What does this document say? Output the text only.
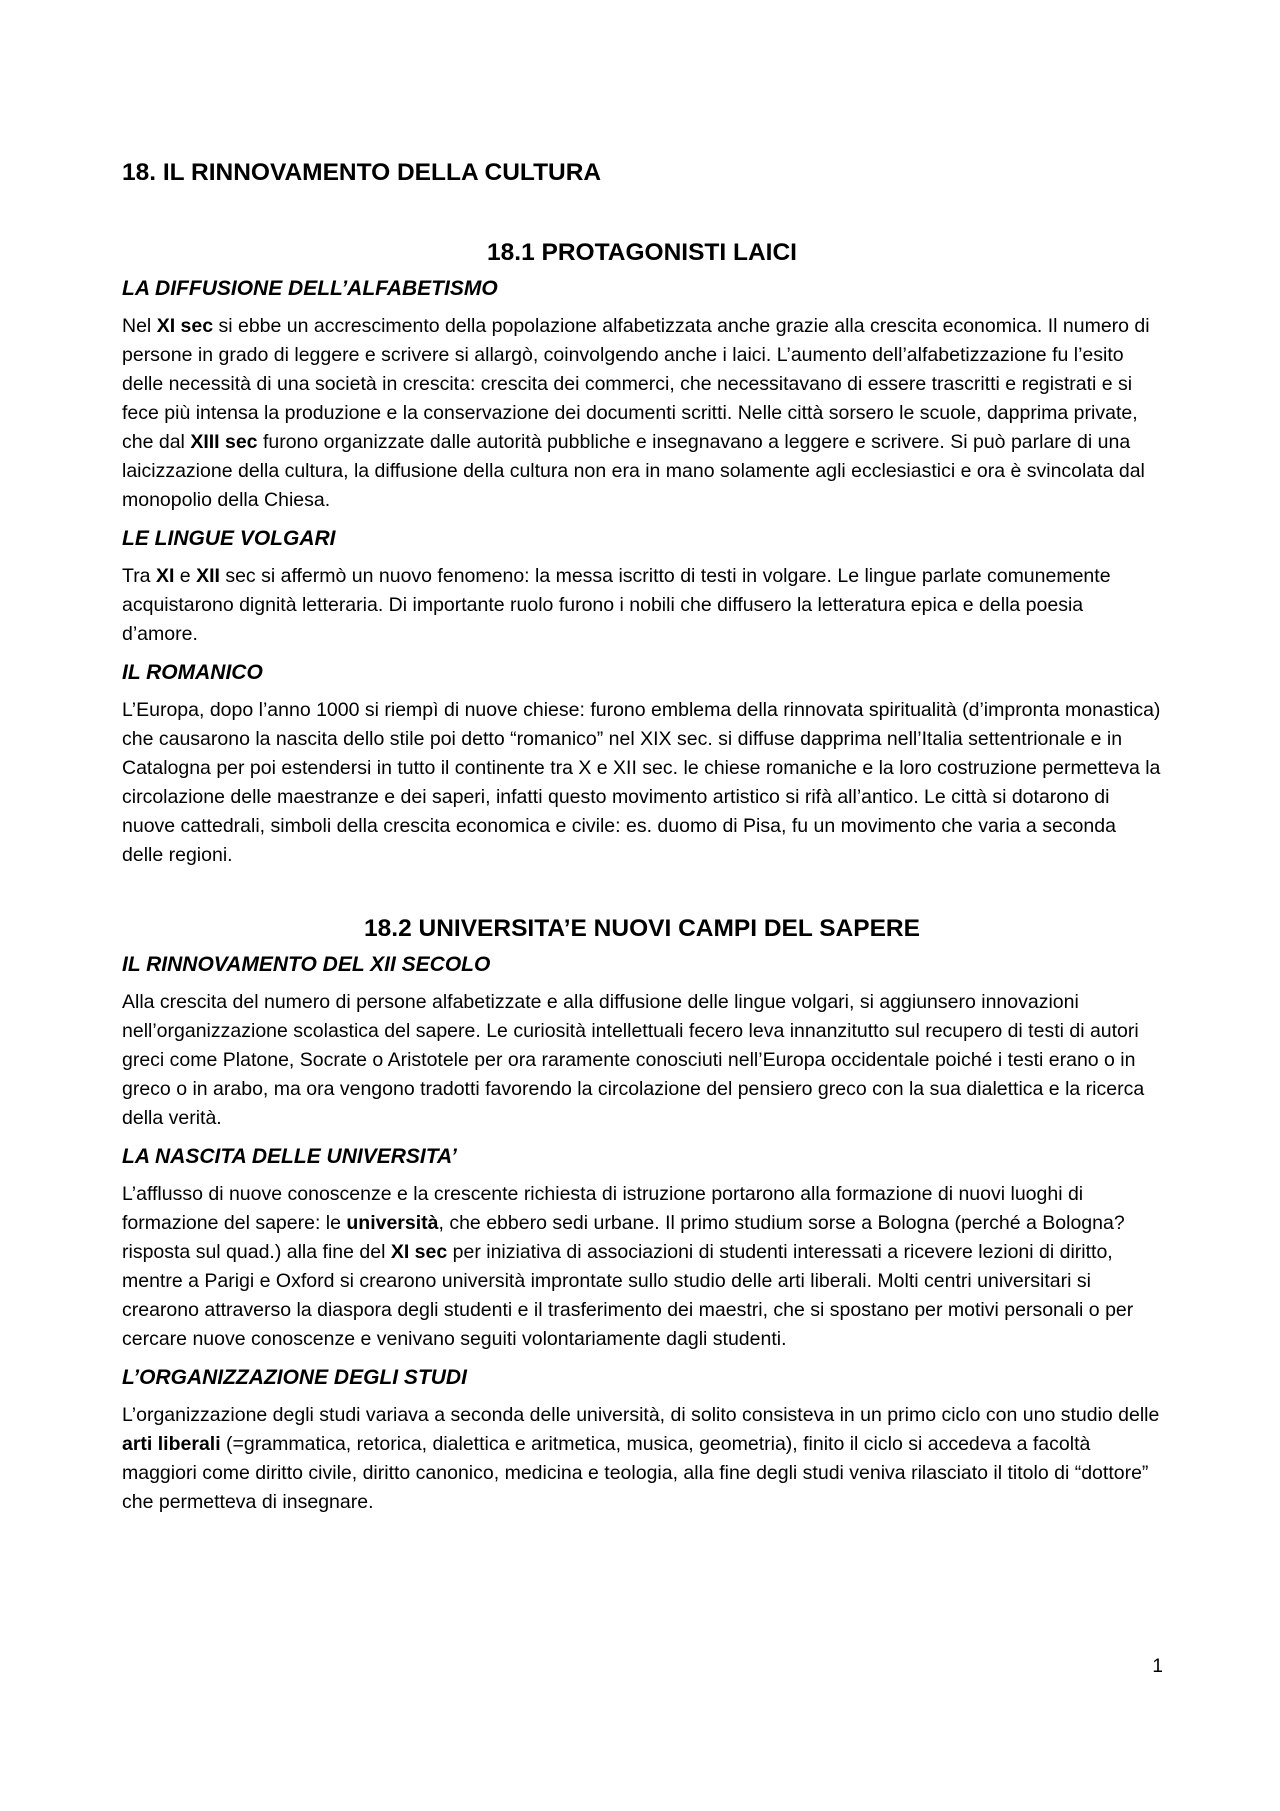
18. IL RINNOVAMENTO DELLA CULTURA
18.1 PROTAGONISTI LAICI
LA DIFFUSIONE DELL’ALFABETISMO

Nel XI sec si ebbe un accrescimento della popolazione alfabetizzata anche grazie alla crescita economica. Il numero di persone in grado di leggere e scrivere si allargò, coinvolgendo anche i laici. L’aumento dell’alfabetizzazione fu l’esito delle necessità di una società in crescita: crescita dei commerci, che necessitavano di essere trascritti e registrati e si fece più intensa la produzione e la conservazione dei documenti scritti. Nelle città sorsero le scuole, dapprima private, che dal XIII sec furono organizzate dalle autorità pubbliche e insegnavano a leggere e scrivere. Si può parlare di una laicizzazione della cultura, la diffusione della cultura non era in mano solamente agli ecclesiastici e ora è svincolata dal monopolio della Chiesa.

LE LINGUE VOLGARI

Tra XI e XII sec si affermò un nuovo fenomeno: la messa iscritto di testi in volgare. Le lingue parlate comunemente acquistarono dignità letteraria. Di importante ruolo furono i nobili che diffusero la letteratura epica e della poesia d’amore.

IL ROMANICO

L’Europa, dopo l’anno 1000 si riempì di nuove chiese: furono emblema della rinnovata spiritualità (d’impronta monastica) che causarono la nascita dello stile poi detto “romanico” nel XIX sec. si diffuse dapprima nell’Italia settentrionale e in Catalogna per poi estendersi in tutto il continente tra X e XII sec. le chiese romaniche e la loro costruzione permetteva la circolazione delle maestranze e dei saperi, infatti questo movimento artistico si rifà all’antico. Le città si dotarono di nuove cattedrali, simboli della crescita economica e civile: es. duomo di Pisa, fu un movimento che varia a seconda delle regioni.

18.2 UNIVERSITA’E NUOVI CAMPI DEL SAPERE
IL RINNOVAMENTO DEL XII SECOLO

Alla crescita del numero di persone alfabetizzate e alla diffusione delle lingue volgari, si aggiunsero innovazioni nell’organizzazione scolastica del sapere. Le curiosità intellettuali fecero leva innanzitutto sul recupero di testi di autori greci come Platone, Socrate o Aristotele per ora raramente conosciuti nell’Europa occidentale poiché i testi erano o in greco o in arabo, ma ora vengono tradotti favorendo la circolazione del pensiero greco con la sua dialettica e la ricerca della verità.

LA NASCITA DELLE UNIVERSITA’

L’afflusso di nuove conoscenze e la crescente richiesta di istruzione portarono alla formazione di nuovi luoghi di formazione del sapere: le università, che ebbero sedi urbane. Il primo studium sorse a Bologna (perché a Bologna? risposta sul quad.) alla fine del XI sec per iniziativa di associazioni di studenti interessati a ricevere lezioni di diritto, mentre a Parigi e Oxford si crearono università improntate sullo studio delle arti liberali. Molti centri universitari si crearono attraverso la diaspora degli studenti e il trasferimento dei maestri, che si spostano per motivi personali o per cercare nuove conoscenze e venivano seguiti volontariamente dagli studenti.

L’ORGANIZZAZIONE DEGLI STUDI

L’organizzazione degli studi variava a seconda delle università, di solito consisteva in un primo ciclo con uno studio delle arti liberali (=grammatica, retorica, dialettica e aritmetica, musica, geometria), finito il ciclo si accedeva a facoltà maggiori come diritto civile, diritto canonico, medicina e teologia, alla fine degli studi veniva rilasciato il titolo di “dottore” che permetteva di insegnare.

1
